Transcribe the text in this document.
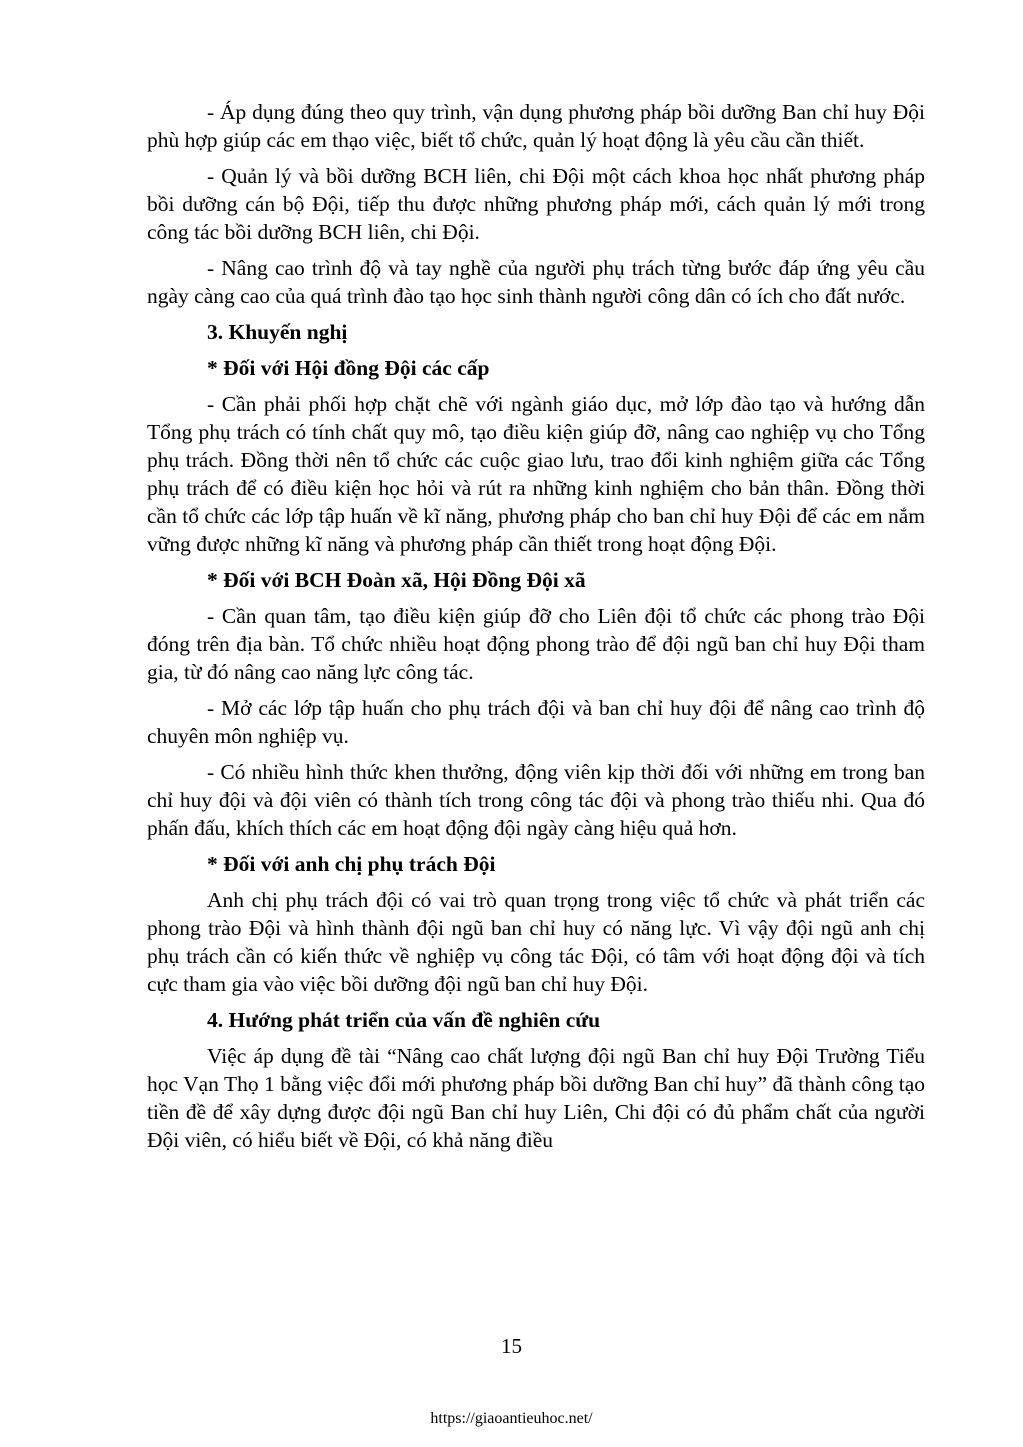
- Áp dụng đúng theo quy trình, vận dụng phương pháp bồi dưỡng Ban chỉ huy Đội phù hợp giúp các em thạo việc, biết tổ chức, quản lý hoạt động là yêu cầu cần thiết.

- Quản lý và bồi dưỡng BCH liên, chi Đội một cách khoa học nhất phương pháp bồi dưỡng cán bộ Đội, tiếp thu được những phương pháp mới, cách quản lý mới trong công tác bồi dưỡng BCH liên, chi Đội.

- Nâng cao trình độ và tay nghề của người phụ trách từng bước đáp ứng yêu cầu ngày càng cao của quá trình đào tạo học sinh thành người công dân có ích cho đất nước.

3. Khuyến nghị
* Đối với Hội đồng Đội các cấp

- Cần phải phối hợp chặt chẽ với ngành giáo dục, mở lớp đào tạo và hướng dẫn Tổng phụ trách có tính chất quy mô, tạo điều kiện giúp đỡ, nâng cao nghiệp vụ cho Tổng phụ trách. Đồng thời nên tổ chức các cuộc giao lưu, trao đổi kinh nghiệm giữa các Tổng phụ trách để có điều kiện học hỏi và rút ra những kinh nghiệm cho bản thân. Đồng thời cần tổ chức các lớp tập huấn về kĩ năng, phương pháp cho ban chỉ huy Đội để các em nắm vững được những kĩ năng và phương pháp cần thiết trong hoạt động Đội.

* Đối với BCH Đoàn xã, Hội Đồng Đội xã

- Cần quan tâm, tạo điều kiện giúp đỡ cho Liên đội tổ chức các phong trào Đội đóng trên địa bàn. Tổ chức nhiều hoạt động phong trào để đội ngũ ban chỉ huy Đội tham gia, từ đó nâng cao năng lực công tác.

- Mở các lớp tập huấn cho phụ trách đội và ban chỉ huy đội để nâng cao trình độ chuyên môn nghiệp vụ.

- Có nhiều hình thức khen thưởng, động viên kịp thời đối với những em trong ban chỉ huy đội và đội viên có thành tích trong công tác đội và phong trào thiếu nhi. Qua đó phấn đấu, khích thích các em hoạt động đội ngày càng hiệu quả hơn.

* Đối với anh chị phụ trách Đội

Anh chị phụ trách đội có vai trò quan trọng trong việc tổ chức và phát triển các phong trào Đội và hình thành đội ngũ ban chỉ huy có năng lực. Vì vậy đội ngũ anh chị phụ trách cần có kiến thức về nghiệp vụ công tác Đội, có tâm với hoạt động đội và tích cực tham gia vào việc bồi dưỡng đội ngũ ban chỉ huy Đội.

4. Hướng phát triển của vấn đề nghiên cứu

Việc áp dụng đề tài “Nâng cao chất lượng đội ngũ Ban chỉ huy Đội Trường Tiểu học Vạn Thọ 1 bằng việc đổi mới phương pháp bồi dưỡng Ban chỉ huy” đã thành công tạo tiền đề để xây dựng được đội ngũ Ban chỉ huy Liên, Chi đội có đủ phẩm chất của người Đội viên, có hiểu biết về Đội, có khả năng điều

15
https://giaoantieuhoc.net/
